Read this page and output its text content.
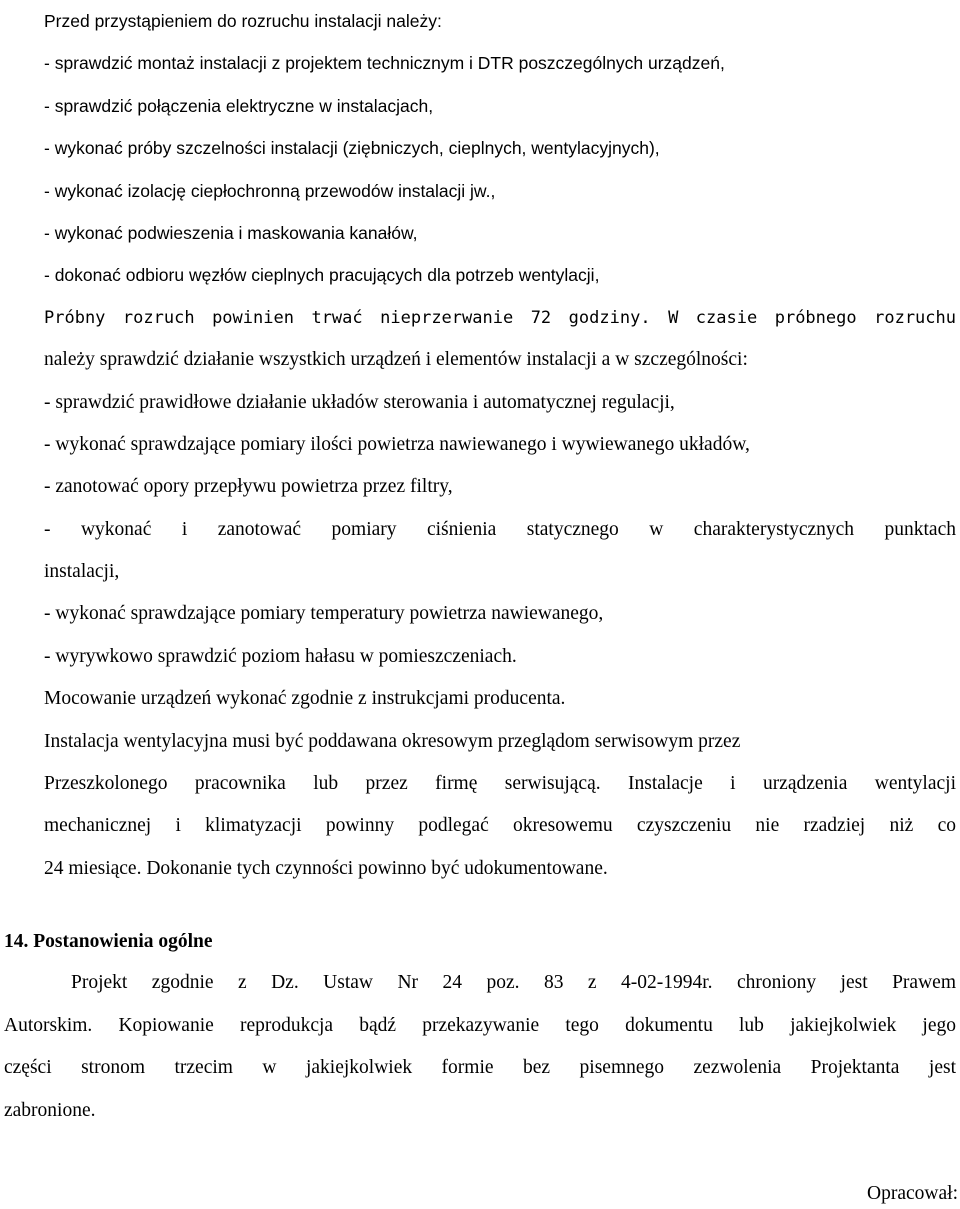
Przed przystąpieniem do rozruchu instalacji należy:
- sprawdzić montaż instalacji z projektem technicznym i DTR poszczególnych urządzeń,
- sprawdzić połączenia elektryczne w instalacjach,
- wykonać próby szczelności instalacji (ziębniczych, cieplnych, wentylacyjnych),
- wykonać izolację ciepłochronną przewodów instalacji jw.,
- wykonać podwieszenia i maskowania kanałów,
- dokonać odbioru węzłów cieplnych pracujących dla potrzeb wentylacji,
Próbny rozruch powinien trwać nieprzerwanie 72 godziny. W czasie próbnego rozruchu
należy sprawdzić działanie wszystkich urządzeń i elementów instalacji a w szczególności:
- sprawdzić prawidłowe działanie układów sterowania i automatycznej regulacji,
- wykonać sprawdzające pomiary ilości powietrza nawiewanego i wywiewanego układów,
- zanotować opory przepływu powietrza przez filtry,
- wykonać i zanotować pomiary ciśnienia statycznego w charakterystycznych punktach
instalacji,
- wykonać sprawdzające pomiary temperatury powietrza nawiewanego,
- wyrywkowo sprawdzić poziom hałasu w pomieszczeniach.
Mocowanie urządzeń wykonać zgodnie z instrukcjami producenta.
Instalacja wentylacyjna musi być poddawana okresowym przeglądom serwisowym przez
Przeszkolonego pracownika lub przez firmę serwisującą. Instalacje i urządzenia wentylacji
mechanicznej i klimatyzacji powinny podlegać okresowemu czyszczeniu nie rzadziej niż co
24 miesiące. Dokonanie tych czynności powinno być udokumentowane.
14. Postanowienia ogólne
Projekt zgodnie z Dz. Ustaw Nr 24 poz. 83 z 4-02-1994r. chroniony jest Prawem
Autorskim. Kopiowanie reprodukcja bądź przekazywanie tego dokumentu lub jakiejkolwiek jego
części stronom trzecim w jakiejkolwiek formie bez pisemnego zezwolenia Projektanta jest
zabronione.
Opracował:
